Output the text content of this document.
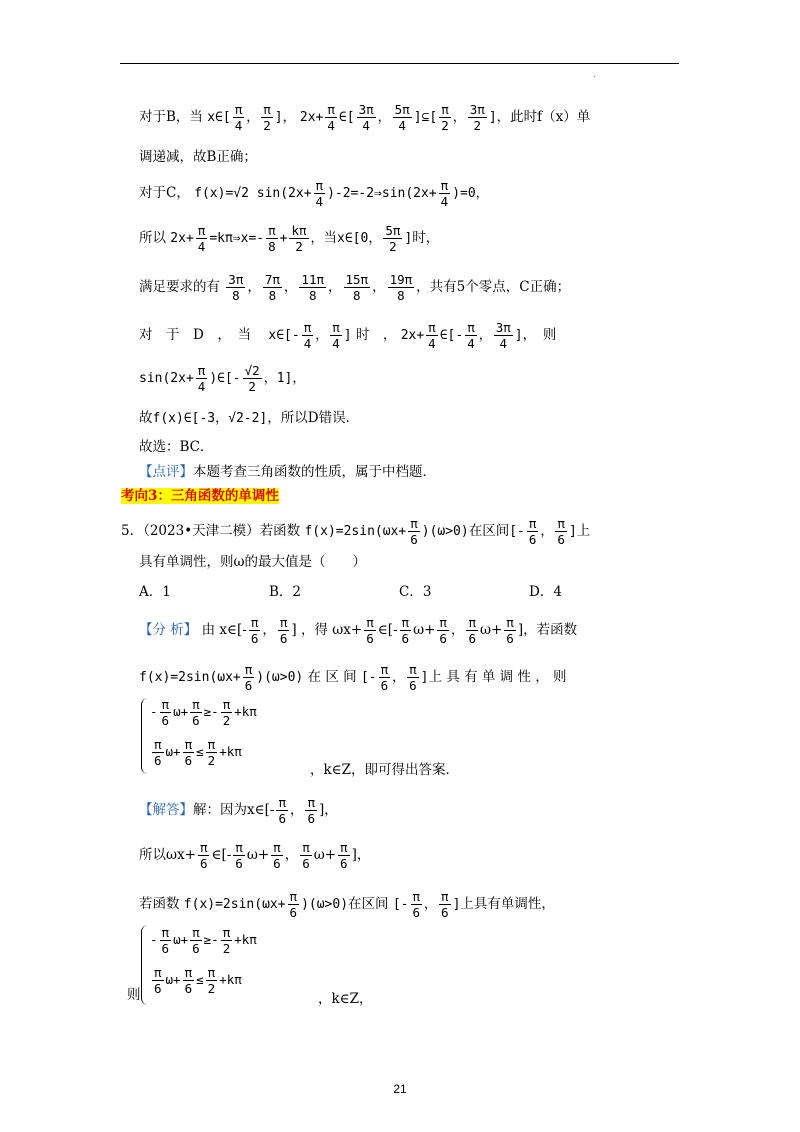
.
对于B，当 x∈[ $\frac{\pi}{4}$ ， $\frac{\pi}{2}$ ]， $2x+ \frac{\pi}{4}$ ∈[ $\frac{3\pi}{4}$ ， $\frac{5\pi}{4}$ ]⊆[ $\frac{\pi}{2}$ ， $\frac{3\pi}{2}$ ]，此时f（x）单
调递减，故B正确；
对于C， f(x)=√2 $\sin(2x+ \frac{\pi}{4}$ )-2=-2⇒sin(2x+ $\frac{\pi}{4} )=0$，
所以 $2x+ \frac{\pi}{4}$ =kπ⇒x=- $\frac{\pi}{8} + \frac{k\pi}{2}$ ，当x∈[0， $\frac{5\pi}{2}$ ]时，
满足要求的有 $\frac{3\pi}{8}$ ， $\frac{7\pi}{8}$ ， $\frac{11\pi}{8}$ ， $\frac{15\pi}{8}$ ， $\frac{19\pi}{8}$ ，共有5个零点，C正确；
对　于　D　，　当 　x∈[- $\frac{\pi}{4}$ ， $\frac{\pi}{4}$ ] 时　， $2x+ \frac{\pi}{4}$ ∈[- $\frac{\pi}{4}$ ， $\frac{3\pi}{4}$ ]，　则
$\sin(2x+ \frac{\pi}{4}$ )∈[- $\frac{√2}{2}$ ，1]，
故f(x)∈[-3，√2-2]，所以D错误．
故选：BC．
【点评】本题考查三角函数的性质，属于中档题．
考向3：三角函数的单调性
5．（2023•天津二模）若函数 $f(x)=2\sin(\omega x+ \frac{\pi}{6} )(\omega>0)$在区间[- $\frac{\pi}{6}$ ， $\frac{\pi}{6}$ ]上
具有单调性，则ω的最大值是（　　）
A．1	B．2	C．3	D．4
【分 析】 由 x∈[- $\frac{\pi}{6}$ ， $\frac{\pi}{6}$ ] ，得 $\omega x+ \frac{\pi}{6}$ ∈[- $\frac{\pi}{6} \omega+ \frac{\pi}{6}$ ， $\frac{\pi}{6} \omega+ \frac{\pi}{6}$ ]，若函数
$f(x)=2\sin(\omega x+ \frac{\pi}{6} )(\omega>0)$ 在 区 间 [- $\frac{\pi}{6}$ ， $\frac{\pi}{6}$ ]上 具 有 单 调 性 ， 则
- $\frac{\pi}{6} \omega+ \frac{\pi}{6} \ge- \frac{\pi}{2} +k\pi$
$\frac{\pi}{6} \omega+ \frac{\pi}{6} \le \frac{\pi}{2} +k\pi$
，k∈Z，即可得出答案．
【解答】解：因为x∈[- $\frac{\pi}{6}$ ， $\frac{\pi}{6}$ ]，
所以$\omega x+ \frac{\pi}{6}$ ∈[- $\frac{\pi}{6} \omega+ \frac{\pi}{6}$ ， $\frac{\pi}{6} \omega+ \frac{\pi}{6}$ ]，
若函数 $f(x)=2\sin(\omega x+ \frac{\pi}{6} )(\omega>0)$在区间 [- $\frac{\pi}{6}$ ， $\frac{\pi}{6}$ ]上具有单调性，
- $\frac{\pi}{6} \omega+ \frac{\pi}{6} \ge- \frac{\pi}{2} +k\pi$
$\frac{\pi}{6} \omega+ \frac{\pi}{6} \le \frac{\pi}{2} +k\pi$
则	，k∈Z，
21
